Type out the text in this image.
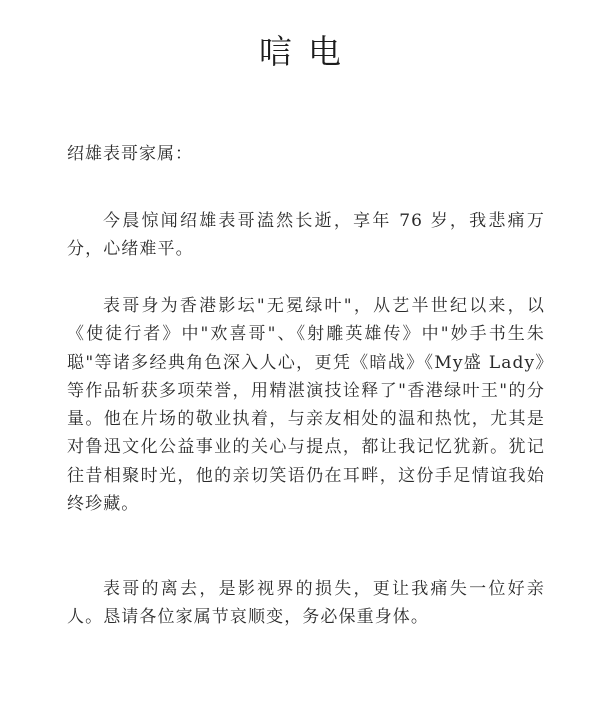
唁电
绍雄表哥家属：

今晨惊闻绍雄表哥溘然长逝，享年 76 岁，我悲痛万分，心绪难平。

表哥身为香港影坛"无冕绿叶"，从艺半世纪以来，以《使徒行者》中"欢喜哥"、《射雕英雄传》中"妙手书生朱聪"等诸多经典角色深入人心，更凭《暗战》《My盛 Lady》等作品斩获多项荣誉，用精湛演技诠释了"香港绿叶王"的分量。他在片场的敬业执着，与亲友相处的温和热忱，尤其是对鲁迅文化公益事业的关心与提点，都让我记忆犹新。犹记往昔相聚时光，他的亲切笑语仍在耳畔，这份手足情谊我始终珍藏。

表哥的离去，是影视界的损失，更让我痛失一位好亲人。恳请各位家属节哀顺变，务必保重身体。
